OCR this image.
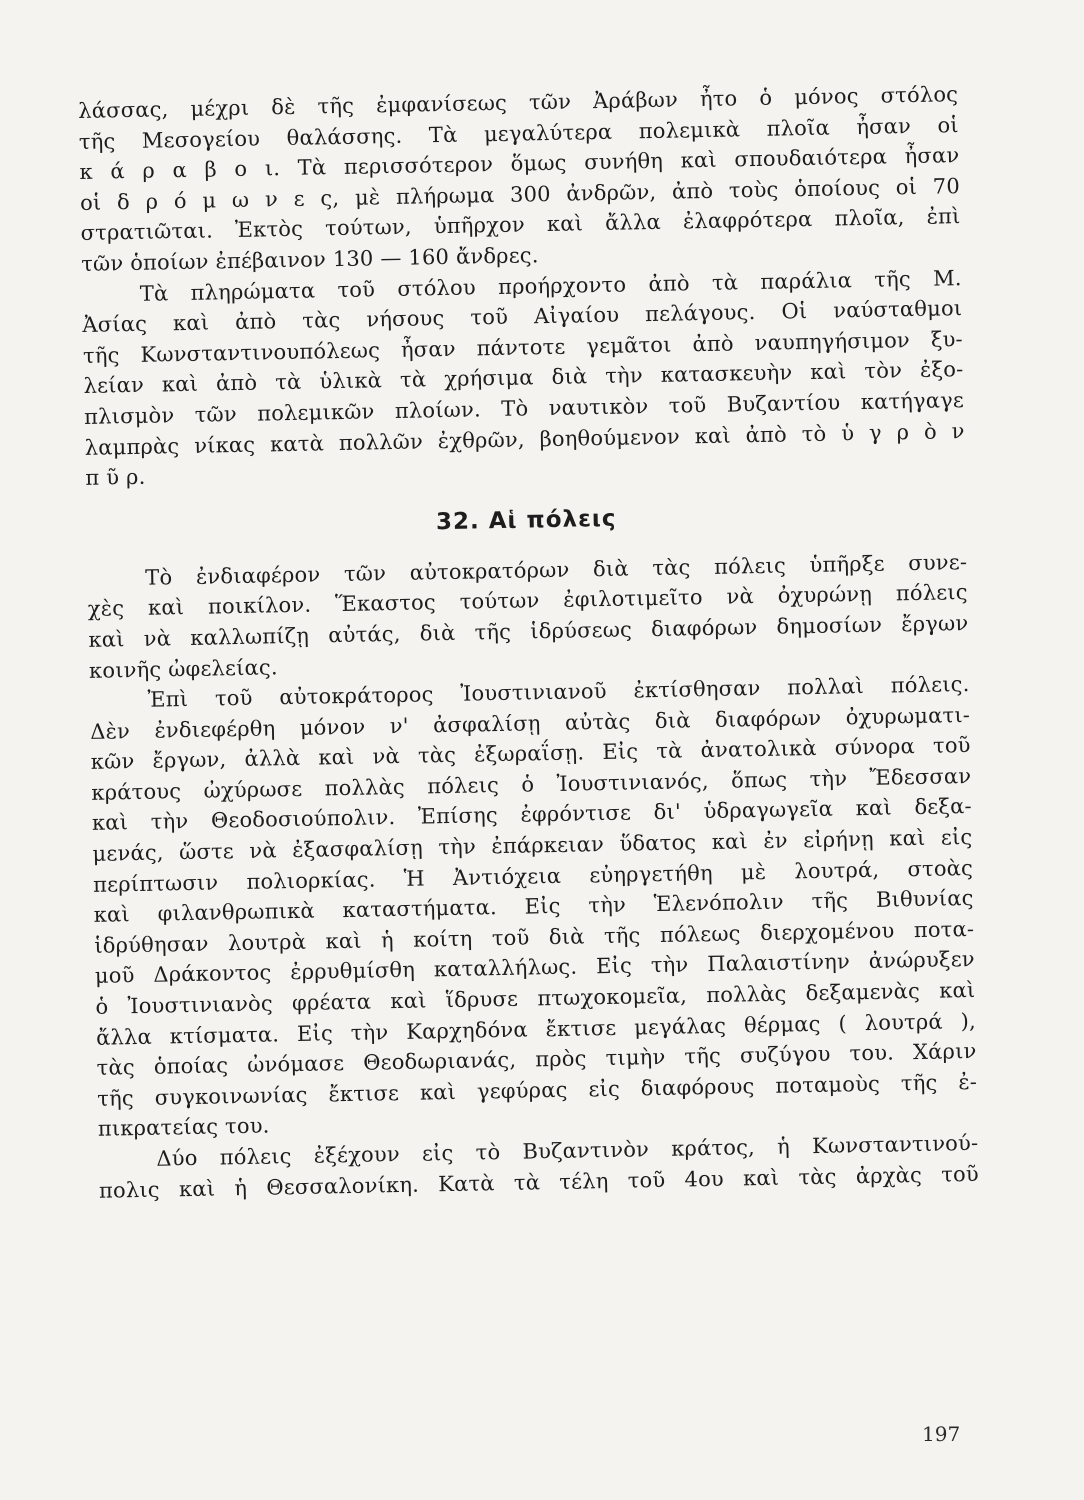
λάσσας, μέχρι δὲ τῆς ἐμφανίσεως τῶν Ἀράβων ἦτο ὁ μόνος στόλος
τῆς Μεσογείου θαλάσσης. Τὰ μεγαλύτερα πολεμικὰ πλοῖα ἦσαν οἱ
κ ά ρ α β ο ι. Τὰ περισσότερον ὅμως συνήθη καὶ σπουδαιότερα ἦσαν
οἱ δ ρ ό μ ω ν ε ς, μὲ πλήρωμα 300 ἀνδρῶν, ἀπὸ τοὺς ὁποίους οἱ 70
στρατιῶται. Ἐκτὸς τούτων, ὑπῆρχον καὶ ἄλλα ἐλαφρότερα πλοῖα, ἐπὶ
τῶν ὁποίων ἐπέβαινον 130 — 160 ἄνδρες.
Τὰ πληρώματα τοῦ στόλου προήρχοντο ἀπὸ τὰ παράλια τῆς Μ.
Ἀσίας καὶ ἀπὸ τὰς νήσους τοῦ Αἰγαίου πελάγους. Οἱ ναύσταθμοι
τῆς Κωνσταντινουπόλεως ἦσαν πάντοτε γεμᾶτοι ἀπὸ ναυπηγήσιμον ξυ-
λείαν καὶ ἀπὸ τὰ ὑλικὰ τὰ χρήσιμα διὰ τὴν κατασκευὴν καὶ τὸν ἐξο-
πλισμὸν τῶν πολεμικῶν πλοίων. Τὸ ναυτικὸν τοῦ Βυζαντίου κατήγαγε
λαμπρὰς νίκας κατὰ πολλῶν ἐχθρῶν, βοηθούμενον καὶ ἀπὸ τὸ ὑ γ ρ ὸ ν
π ῦ ρ.
32. Αἱ πόλεις
Τὸ ἐνδιαφέρον τῶν αὐτοκρατόρων διὰ τὰς πόλεις ὑπῆρξε συνε-
χὲς καὶ ποικίλον. Ἕκαστος τούτων ἐφιλοτιμεῖτο νὰ ὀχυρώνῃ πόλεις
καὶ νὰ καλλωπίζῃ αὐτάς, διὰ τῆς ἱδρύσεως διαφόρων δημοσίων ἔργων
κοινῆς ὠφελείας.
Ἐπὶ τοῦ αὐτοκράτορος Ἰουστινιανοῦ ἐκτίσθησαν πολλαὶ πόλεις.
Δὲν ἐνδιεφέρθη μόνον ν' ἀσφαλίσῃ αὐτὰς διὰ διαφόρων ὀχυρωματι-
κῶν ἔργων, ἀλλὰ καὶ νὰ τὰς ἐξωραΐσῃ. Εἰς τὰ ἀνατολικὰ σύνορα τοῦ
κράτους ὠχύρωσε πολλὰς πόλεις ὁ Ἰουστινιανός, ὅπως τὴν Ἔδεσσαν
καὶ τὴν Θεοδοσιούπολιν. Ἐπίσης ἐφρόντισε δι' ὑδραγωγεῖα καὶ δεξα-
μενάς, ὥστε νὰ ἐξασφαλίσῃ τὴν ἐπάρκειαν ὕδατος καὶ ἐν εἰρήνῃ καὶ εἰς
περίπτωσιν πολιορκίας. Ἡ Ἀντιόχεια εὐηργετήθη μὲ λουτρά, στοὰς
καὶ φιλανθρωπικὰ καταστήματα. Εἰς τὴν Ἑλενόπολιν τῆς Βιθυνίας
ἱδρύθησαν λουτρὰ καὶ ἡ κοίτη τοῦ διὰ τῆς πόλεως διερχομένου ποτα-
μοῦ Δράκοντος ἐρρυθμίσθη καταλλήλως. Εἰς τὴν Παλαιστίνην ἀνώρυξεν
ὁ Ἰουστινιανὸς φρέατα καὶ ἵδρυσε πτωχοκομεῖα, πολλὰς δεξαμενὰς καὶ
ἄλλα κτίσματα. Εἰς τὴν Καρχηδόνα ἔκτισε μεγάλας θέρμας ( λουτρά ),
τὰς ὁποίας ὠνόμασε Θεοδωριανάς, πρὸς τιμὴν τῆς συζύγου του. Χάριν
τῆς συγκοινωνίας ἔκτισε καὶ γεφύρας εἰς διαφόρους ποταμοὺς τῆς ἐ-
πικρατείας του.
Δύο πόλεις ἐξέχουν εἰς τὸ Βυζαντινὸν κράτος, ἡ Κωνσταντινού-
πολις καὶ ἡ Θεσσαλονίκη. Κατὰ τὰ τέλη τοῦ 4ου καὶ τὰς ἀρχὰς τοῦ
197
